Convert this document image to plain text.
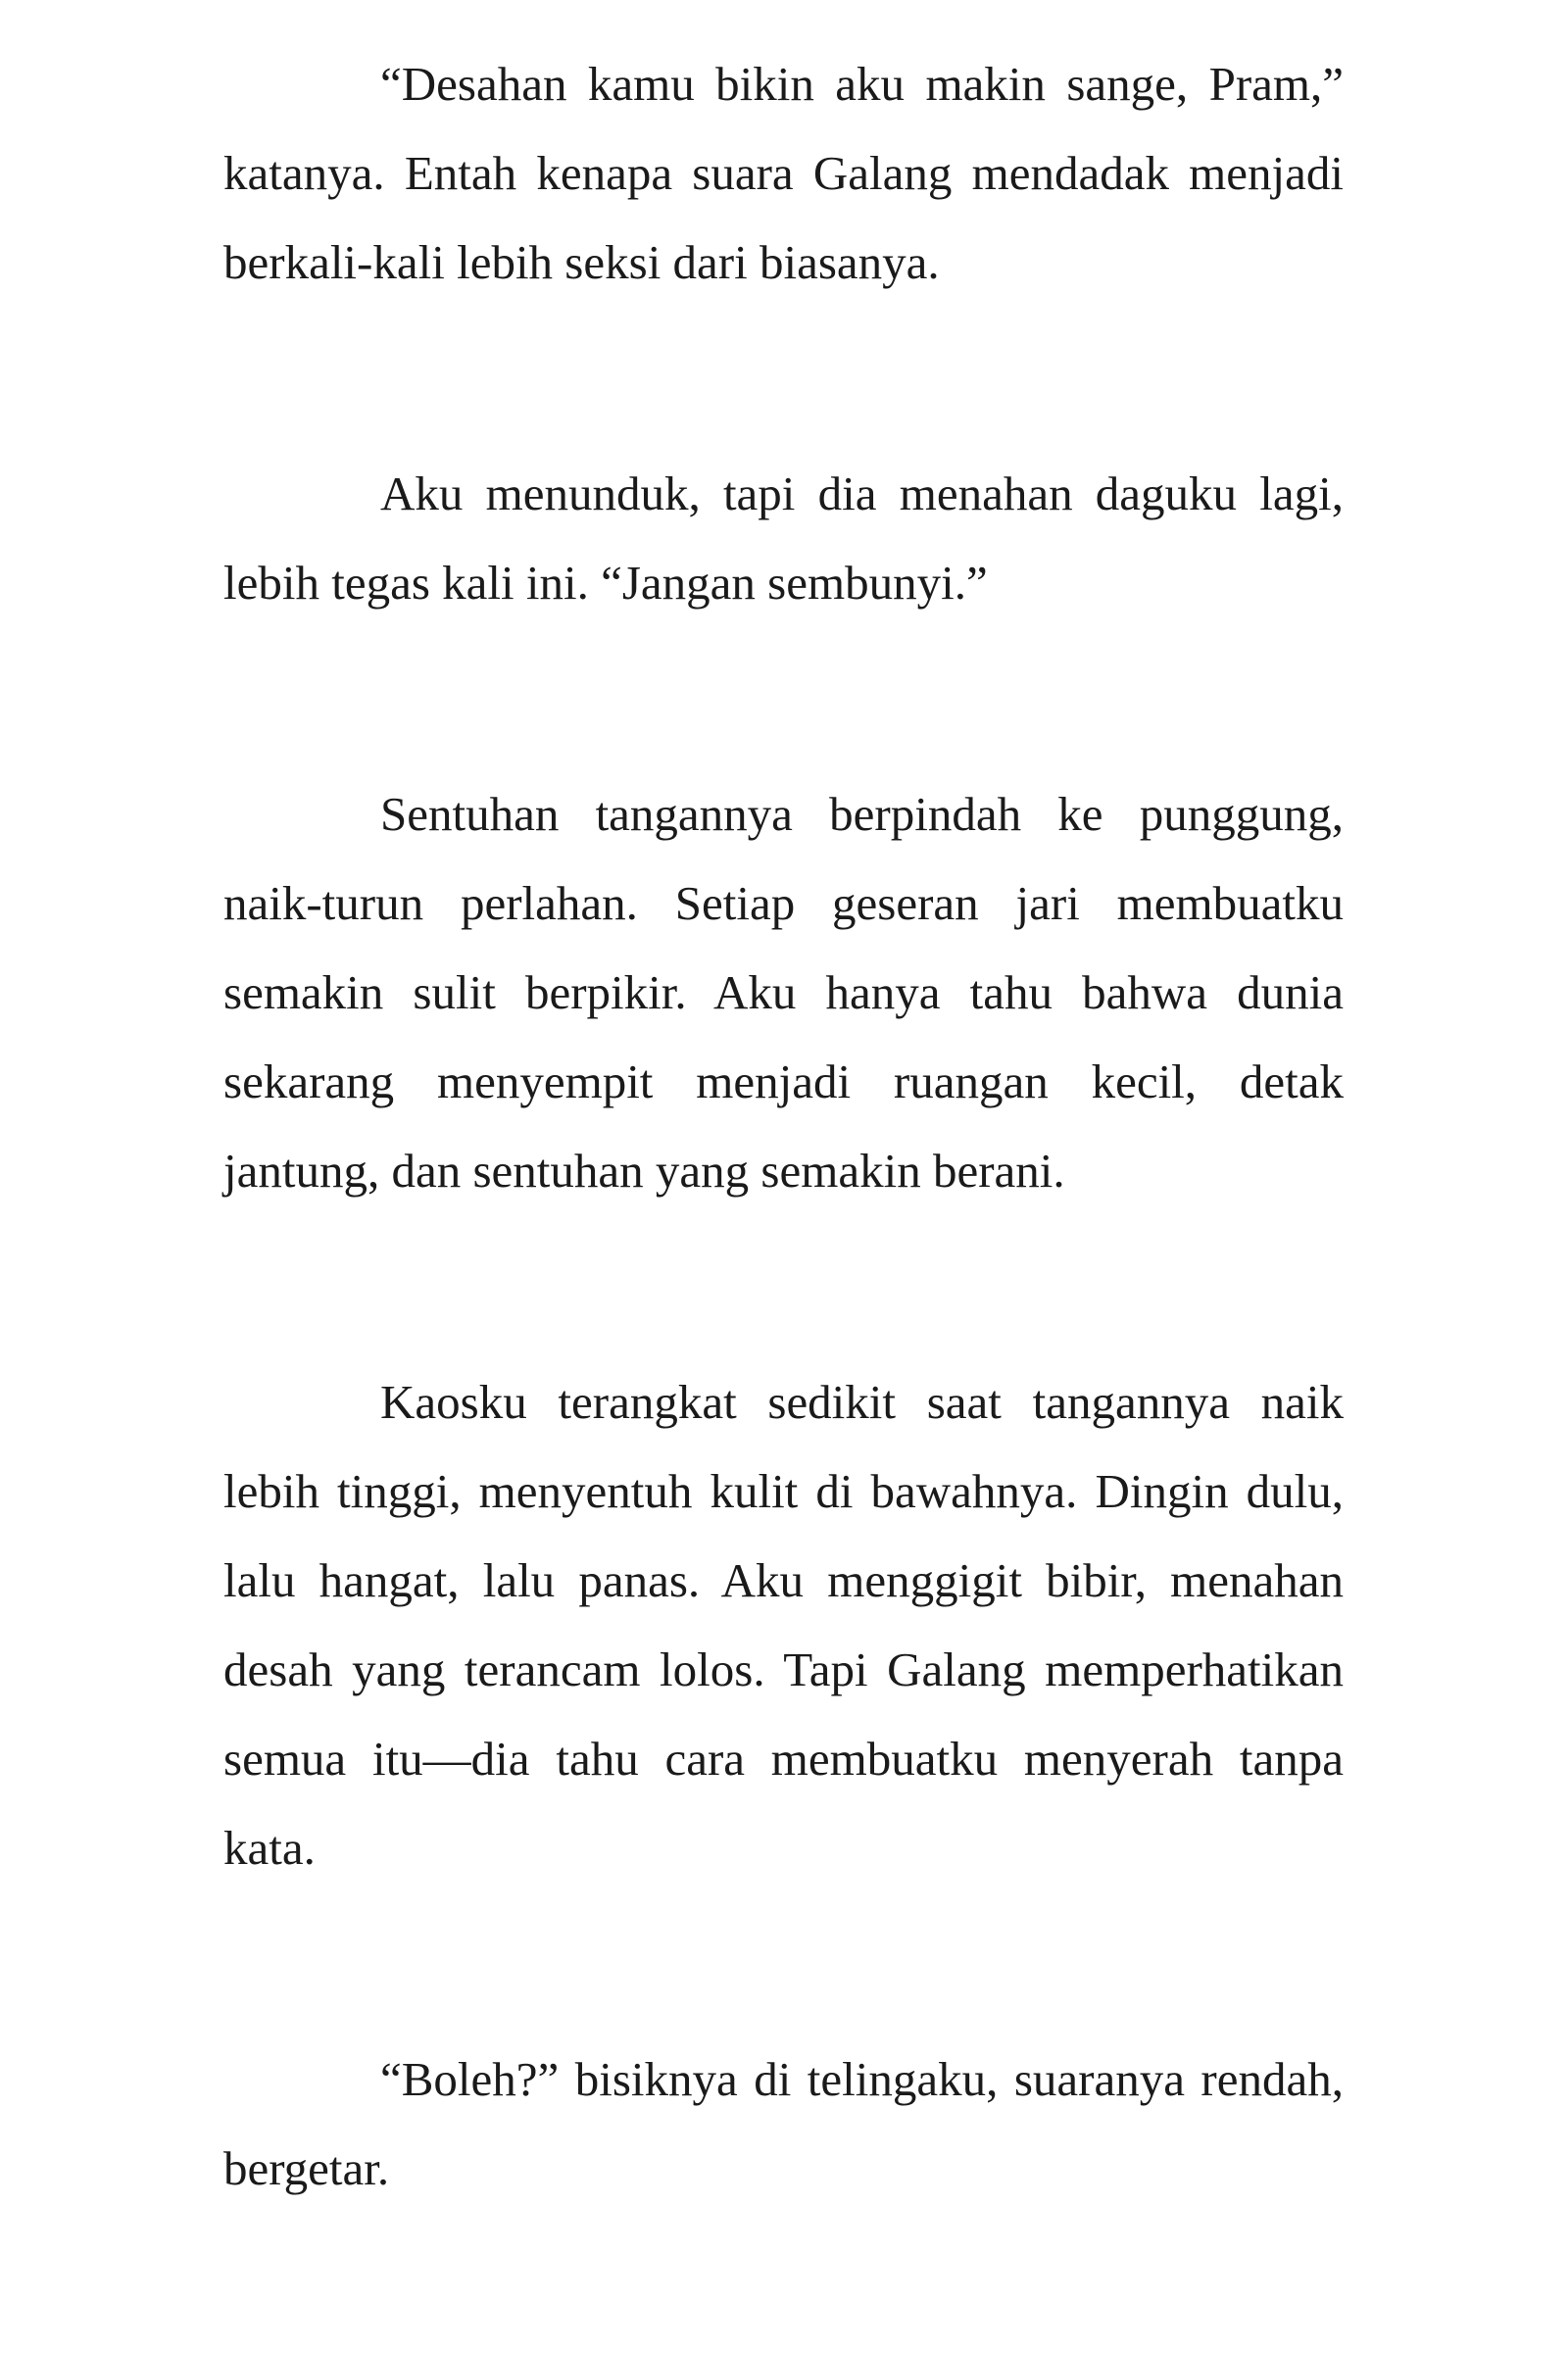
“Desahan kamu bikin aku makin sange, Pram,” katanya. Entah kenapa suara Galang mendadak menjadi berkali-kali lebih seksi dari biasanya.

Aku menunduk, tapi dia menahan daguku lagi, lebih tegas kali ini. “Jangan sembunyi.”

Sentuhan tangannya berpindah ke punggung, naik-turun perlahan. Setiap geseran jari membuatku semakin sulit berpikir. Aku hanya tahu bahwa dunia sekarang menyempit menjadi ruangan kecil, detak jantung, dan sentuhan yang semakin berani.

Kaosku terangkat sedikit saat tangannya naik lebih tinggi, menyentuh kulit di bawahnya. Dingin dulu, lalu hangat, lalu panas. Aku menggigit bibir, menahan desah yang terancam lolos. Tapi Galang memperhatikan semua itu—dia tahu cara membuatku menyerah tanpa kata.

“Boleh?” bisiknya di telingaku, suaranya rendah, bergetar.
